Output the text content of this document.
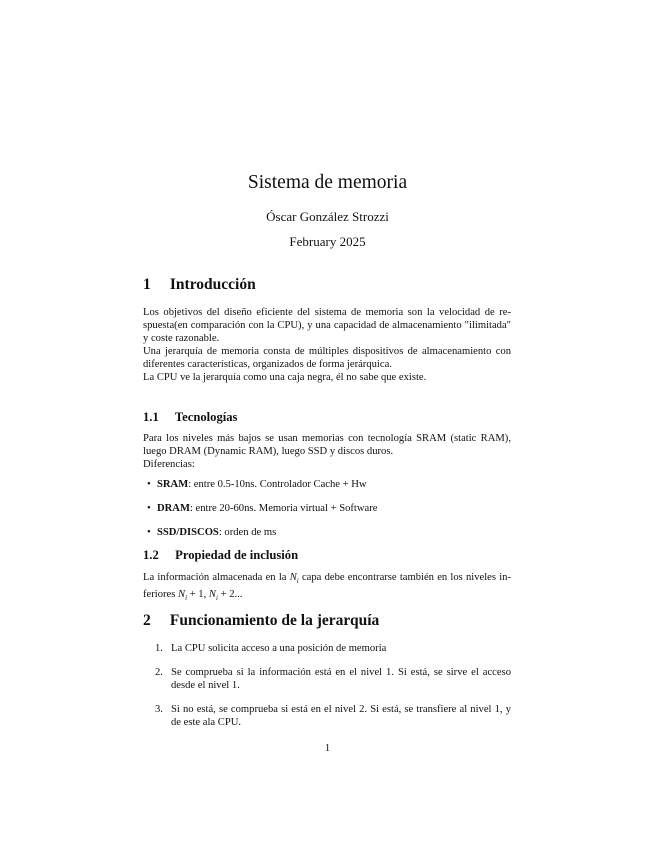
Sistema de memoria
Óscar González Strozzi
February 2025
1 Introducción
Los objetivos del diseño eficiente del sistema de memoria son la velocidad de re-
spuesta(en comparación con la CPU), y una capacidad de almacenamiento "ilimitada"
y coste razonable.
Una jerarquía de memoria consta de múltiples dispositivos de almacenamiento con
diferentes características, organizados de forma jerárquica.
La CPU ve la jerarquía como una caja negra, él no sabe que existe.
1.1 Tecnologías
Para los niveles más bajos se usan memorias con tecnología SRAM (static RAM),
luego DRAM (Dynamic RAM), luego SSD y discos duros.
Diferencias:
• SRAM: entre 0.5-10ns. Controlador Cache + Hw
• DRAM: entre 20-60ns. Memoria virtual + Software
• SSD/DISCOS: orden de ms
1.2 Propiedad de inclusión
La información almacenada en la $N_i$ capa debe encontrarse también en los niveles in-
feriores $N_i + 1$, $N_i + 2$...
2 Funcionamiento de la jerarquía
1. La CPU solicita acceso a una posición de memoria
2. Se comprueba si la información está en el nivel 1. Si está, se sirve el acceso desde el nivel 1.
3. Si no está, se comprueba si está en el nivel 2. Si está, se transfiere al nivel 1, y de este ala CPU.
1
